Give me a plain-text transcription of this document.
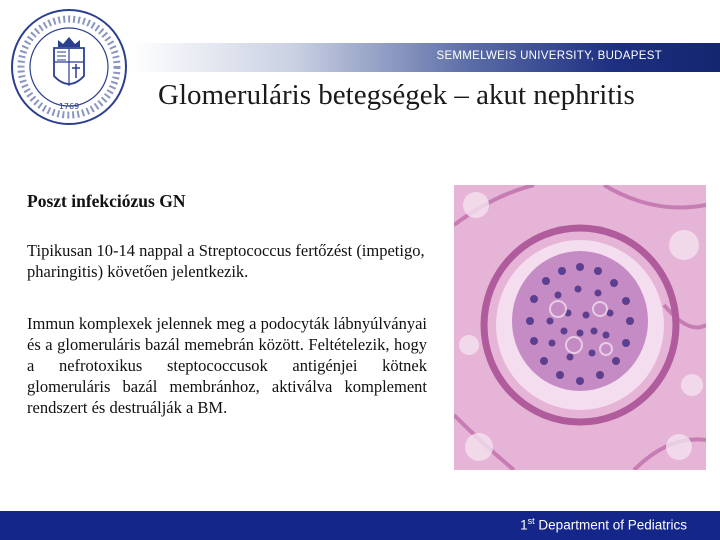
1769
SEMMELWEIS UNIVERSITY, BUDAPEST
Glomeruláris betegségek – akut nephritis
Poszt infekciózus GN

Tipikusan 10-14 nappal a Streptococcus fertőzést (impetigo, pharingitis) követően jelentkezik.

Immun komplexek jelennek meg a podocyták lábnyúlványai és a glomeruláris bazál memebrán között. Feltételezik, hogy a nefrotoxikus steptococcusok antigénjei kötnek glomeruláris bazál membránhoz, aktiválva komplement rendszert és destruálják a BM.

1st Department of Pediatrics
